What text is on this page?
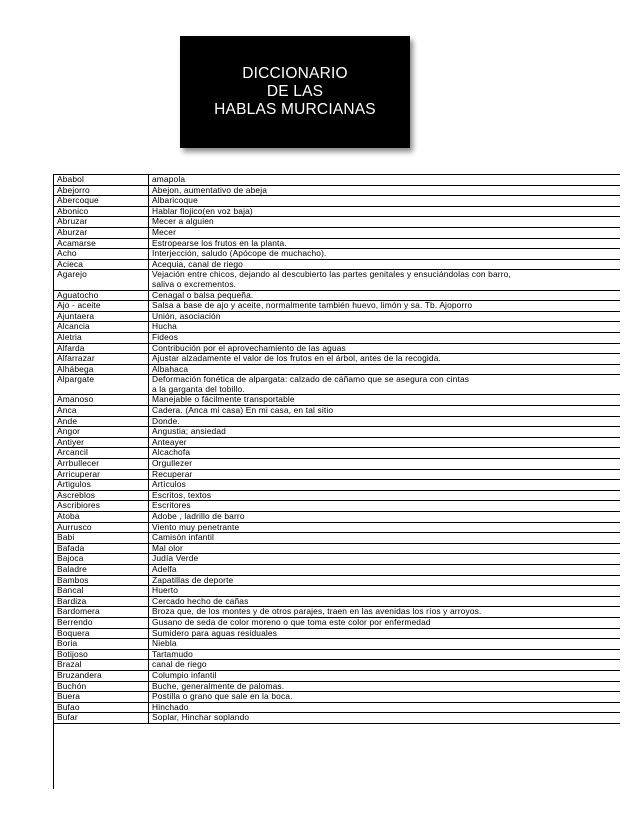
DICCIONARIO
DE LAS
HABLAS MURCIANAS
Ababol	amapola
Abejorro	Abejon, aumentativo de abeja
Abercoque	Albaricoque
Abonico	Hablar flojico(en voz baja)
Abruzar	Mecer a alguien
Aburzar	Mecer
Acamarse	Estropearse los frutos en la planta.
Acho	Interjección, saludo (Apócope de muchacho).
Acieca	Acequia, canal de riego
Agarejo	Vejación entre chicos, dejando al descubierto las partes genitales y ensuciándolas con barro,
saliva o excrementos.
Aguatocho	Cenagal o balsa pequeña.
Ajo - aceite	Salsa a base de ajo y aceite, normalmente también huevo, limón y sa. Tb. Ajoporro
Ajuntaera	Unión, asociación
Alcancia	Hucha
Aletria	Fideos
Alfarda	Contribución por el aprovechamiento de las aguas
Alfarrazar	Ajustar alzadamente el valor de los frutos en el árbol, antes de la recogida.
Alhábega	Albahaca
Alpargate	Deformación fonética de alpargata: calzado de cáñamo que se asegura con cintas
a la garganta del tobillo.
Amanoso	Manejable o fácilmente transportable
Anca	Cadera. (Anca mi casa) En mi casa, en tal sitio
Ande	Donde.
Angor	Angustia; ansiedad
Antiyer	Anteayer
Arcancil	Alcachofa
Arrbullecer	Orgullezer
Arricuperar	Recuperar
Artigulos	Artículos
Ascreblos	Escritos, textos
Ascribiores	Escritores
Atoba	Adobe , ladrillo de barro
Aurrusco	Viento muy penetrante
Babi	Camisón infantil
Bafada	Mal olor
Bajoca	Judía Verde
Baladre	Adelfa
Bambos	Zapatillas de deporte
Bancal	Huerto
Bardiza	Cercado hecho de cañas
Bardomera	Broza que, de los montes y de otros parajes, traen en las avenidas los ríos y arroyos.
Berrendo	Gusano de seda de color moreno o que toma este color por enfermedad
Boquera	Sumidero para aguas residuales
Boria	Niebla
Botijoso	Tartamudo
Brazal	canal de riego
Bruzandera	Columpio infantil
Buchón	Buche, generalmente de palomas.
Buera	Postilla o grano que sale en la boca.
Bufao	Hinchado
Bufar	Soplar, Hinchar soplando
